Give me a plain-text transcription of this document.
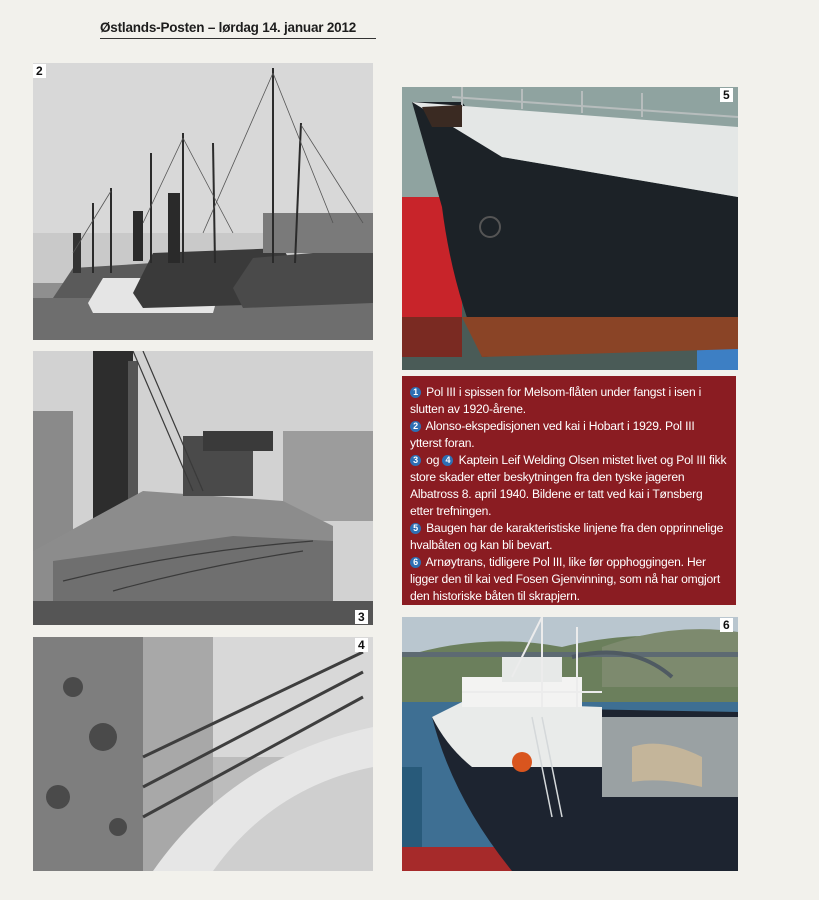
Østlands-Posten – lørdag 14. januar 2012
2
3
4
5

1 Pol III i spissen for Melsom-flåten under fangst i isen i slutten av 1920-årene.

2 Alonso-ekspedisjonen ved kai i Hobart i 1929. Pol III ytterst foran.

3 og 4 Kaptein Leif Welding Olsen mistet livet og Pol III fikk store skader etter beskytningen fra den tyske jageren Albatross 8. april 1940. Bildene er tatt ved kai i Tønsberg etter trefningen.

5 Baugen har de karakteristiske linjene fra den opprinnelige hvalbåten og kan bli bevart.

6 Arnøytrans, tidligere Pol III, like før opphoggingen. Her ligger den til kai ved Fosen Gjenvinning, som nå har omgjort den historiske båten til skrapjern.

6
